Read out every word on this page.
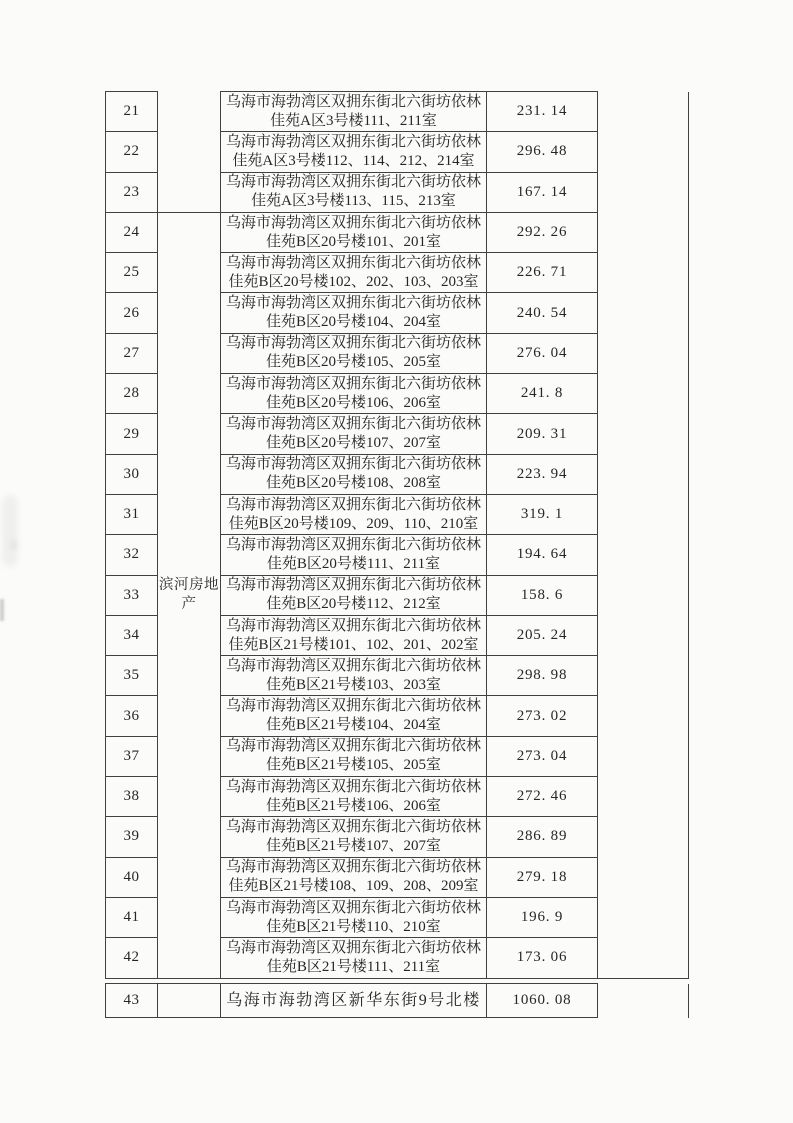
21		乌海市海勃湾区双拥东街北六街坊依林
佳苑A区3号楼111、211室	231. 14	
22		乌海市海勃湾区双拥东街北六街坊依林
佳苑A区3号楼112、114、212、214室	296. 48	
23		乌海市海勃湾区双拥东街北六街坊依林
佳苑A区3号楼113、115、213室	167. 14	
24	滨河房地产	乌海市海勃湾区双拥东街北六街坊依林
佳苑B区20号楼101、201室	292. 26	
25		乌海市海勃湾区双拥东街北六街坊依林
佳苑B区20号楼102、202、103、203室	226. 71	
26		乌海市海勃湾区双拥东街北六街坊依林
佳苑B区20号楼104、204室	240. 54	
27		乌海市海勃湾区双拥东街北六街坊依林
佳苑B区20号楼105、205室	276. 04	
28		乌海市海勃湾区双拥东街北六街坊依林
佳苑B区20号楼106、206室	241. 8	
29		乌海市海勃湾区双拥东街北六街坊依林
佳苑B区20号楼107、207室	209. 31	
30		乌海市海勃湾区双拥东街北六街坊依林
佳苑B区20号楼108、208室	223. 94	
31		乌海市海勃湾区双拥东街北六街坊依林
佳苑B区20号楼109、209、110、210室	319. 1	
32		乌海市海勃湾区双拥东街北六街坊依林
佳苑B区20号楼111、211室	194. 64	
33		乌海市海勃湾区双拥东街北六街坊依林
佳苑B区20号楼112、212室	158. 6	
34		乌海市海勃湾区双拥东街北六街坊依林
佳苑B区21号楼101、102、201、202室	205. 24	
35		乌海市海勃湾区双拥东街北六街坊依林
佳苑B区21号楼103、203室	298. 98	
36		乌海市海勃湾区双拥东街北六街坊依林
佳苑B区21号楼104、204室	273. 02	
37		乌海市海勃湾区双拥东街北六街坊依林
佳苑B区21号楼105、205室	273. 04	
38		乌海市海勃湾区双拥东街北六街坊依林
佳苑B区21号楼106、206室	272. 46	
39		乌海市海勃湾区双拥东街北六街坊依林
佳苑B区21号楼107、207室	286. 89	
40		乌海市海勃湾区双拥东街北六街坊依林
佳苑B区21号楼108、109、208、209室	279. 18	
41		乌海市海勃湾区双拥东街北六街坊依林
佳苑B区21号楼110、210室	196. 9	
42		乌海市海勃湾区双拥东街北六街坊依林
佳苑B区21号楼111、211室	173. 06	
43		乌海市海勃湾区新华东街9号北楼	1060. 08	
